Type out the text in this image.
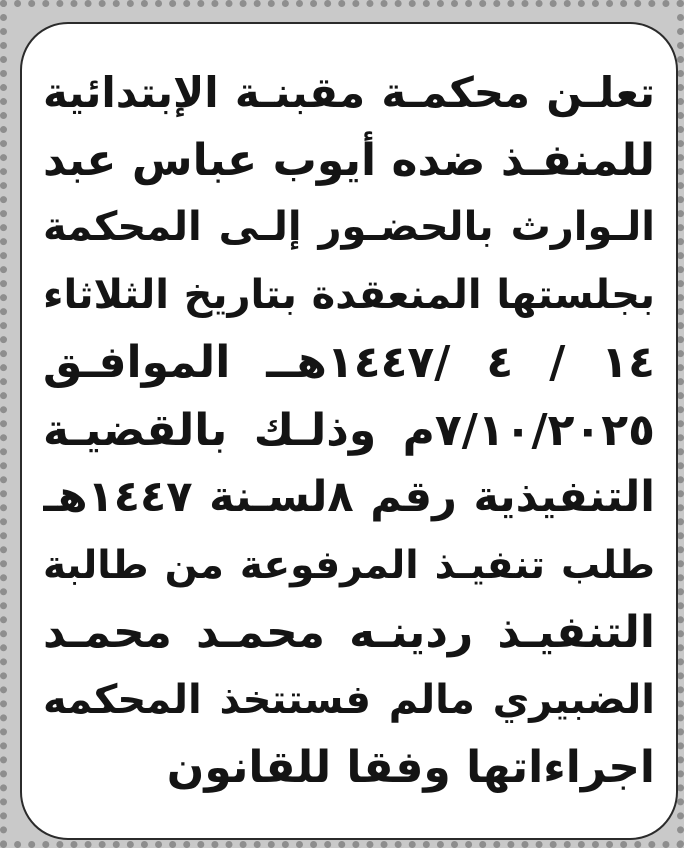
تعلـن محكمـة مقبنـة الإبتدائية
للمنفـذ ضده أيوب عباس عبد
الـوارث بالحضـور إلـى المحكمة
بجلستها المنعقدة بتاريخ الثلاثاء
١٤ / ٤ /١٤٤٧هــ الموافـق
٧/١٠/٢٠٢٥م وذلـك بالقضيـة
التنفيذية رقم ٨لسـنة ١٤٤٧هـ
طلب تنفيـذ المرفوعة من طالبة
التنفيـذ ردينـه محمـد محمـد
الضبيري مالم فستتخذ المحكمه
اجراءاتها وفقا للقانون
